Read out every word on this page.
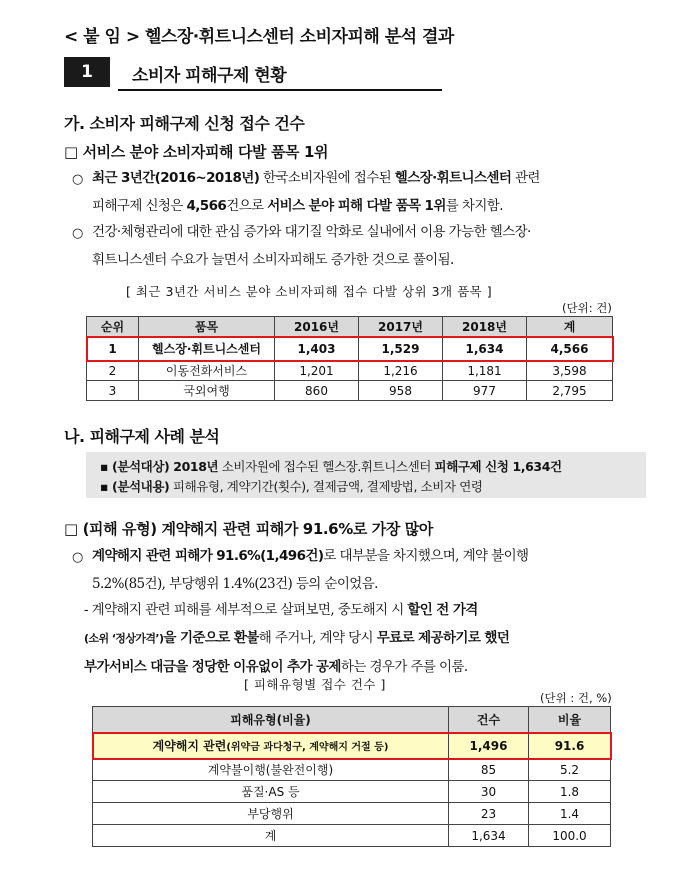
< 붙 임 > 헬스장·휘트니스센터 소비자피해 분석 결과
1	소비자 피해구제 현황
가. 소비자 피해구제 신청 접수 건수
□ 서비스 분야 소비자피해 다발 품목 1위
○ 최근 3년간(2016~2018년) 한국소비자원에 접수된 헬스장·휘트니스센터 관련
피해구제 신청은 4,566건으로 서비스 분야 피해 다발 품목 1위를 차지함.
○ 건강·체형관리에 대한 관심 증가와 대기질 악화로 실내에서 이용 가능한 헬스장·
휘트니스센터 수요가 늘면서 소비자피해도 증가한 것으로 풀이됨.
[ 최근 3년간 서비스 분야 소비자피해 접수 다발 상위 3개 품목 ]
(단위: 건)
순위	품목	2016년	2017년	2018년	계
1	헬스장·휘트니스센터	1,403	1,529	1,634	4,566
2	이동전화서비스	1,201	1,216	1,181	3,598
3	국외여행	860	958	977	2,795
나. 피해구제 사례 분석
▪ (분석대상) 2018년 소비자원에 접수된 헬스장.휘트니스센터 피해구제 신청 1,634건
▪ (분석내용) 피해유형, 계약기간(횟수), 결제금액, 결제방법, 소비자 연령
□ (피해 유형) 계약해지 관련 피해가 91.6%로 가장 많아
○ 계약해지 관련 피해가 91.6%(1,496건)로 대부분을 차지했으며, 계약 불이행
5.2%(85건), 부당행위 1.4%(23건) 등의 순이었음.
- 계약해지 관련 피해를 세부적으로 살펴보면, 중도해지 시 할인 전 가격
(소위 ‘정상가격’)을 기준으로 환불해 주거나, 계약 당시 무료로 제공하기로 했던
부가서비스 대금을 정당한 이유없이 추가 공제하는 경우가 주를 이룸.
[ 피해유형별 접수 건수 ]
(단위 : 건, %)
피해유형(비율)	건수	비율
계약해지 관련(위약금 과다청구, 계약해지 거절 등)	1,496	91.6
계약불이행(불완전이행)	85	5.2
품질·AS 등	30	1.8
부당행위	23	1.4
계	1,634	100.0
